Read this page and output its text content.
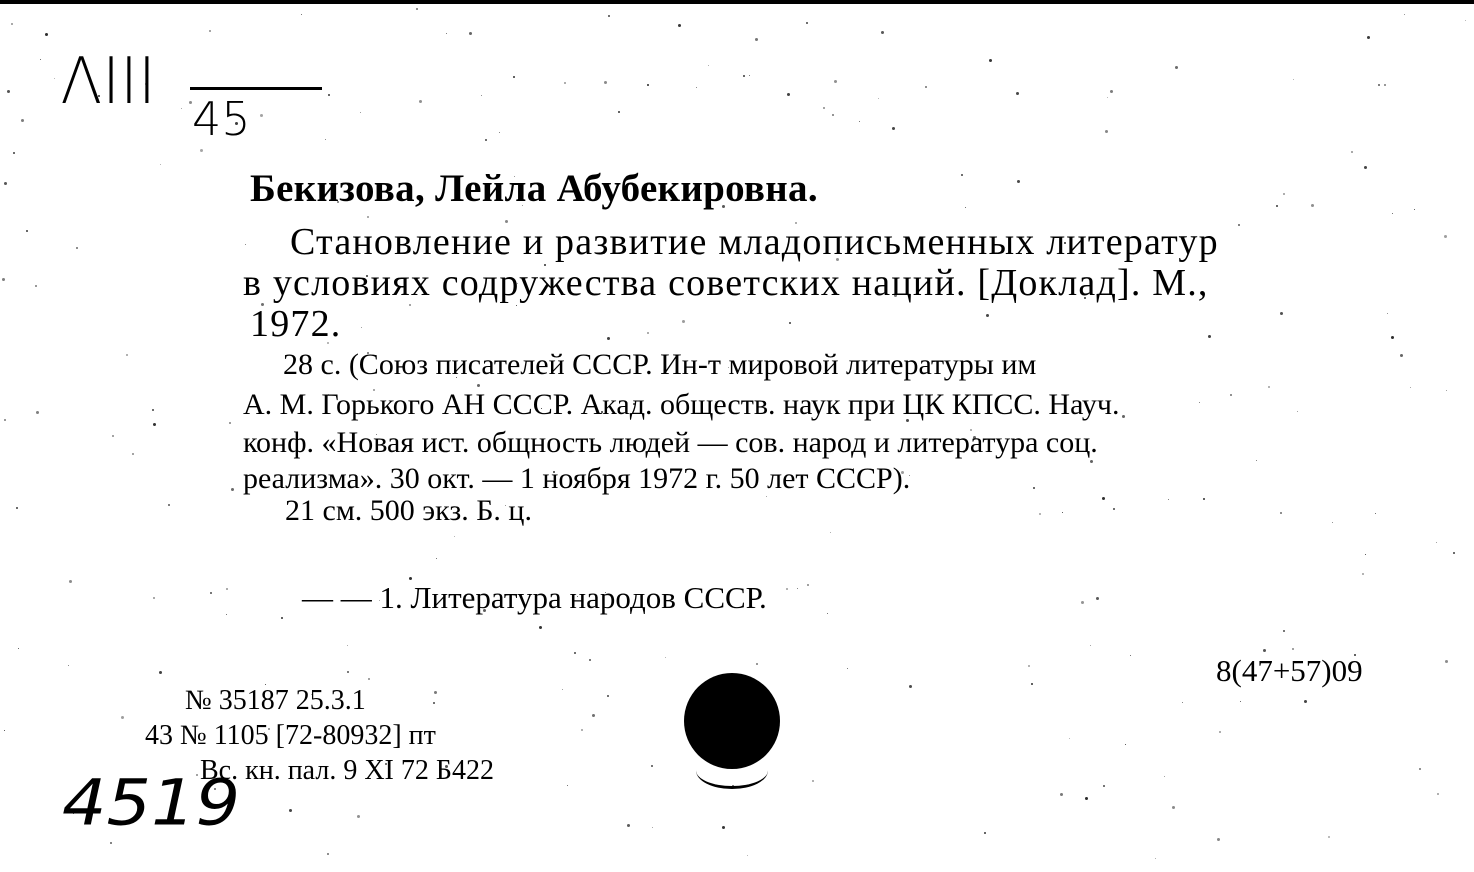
ΛIII 45
Бекизова, Лейла Абубекировна.
Становление и развитие младописьменных литератур
в условиях содружества советских наций. [Доклад]. М.,
1972.
28 с. (Союз писателей СССР. Ин-т мировой литературы им
А. М. Горького АН СССР. Акад. обществ. наук при ЦК КПСС. Науч.
конф. «Новая ист. общность людей — сов. народ и литература соц.
реализма». 30 окт. — 1 ноября 1972 г. 50 лет СССР).
21 см. 500 экз. Б. ц.
— — 1. Литература народов СССР.
8(47+57)09
№ 35187 25.3.1
43 № 1105 [72-80932] пт
Вс. кн. пал. 9 XI 72 Б422
4519
